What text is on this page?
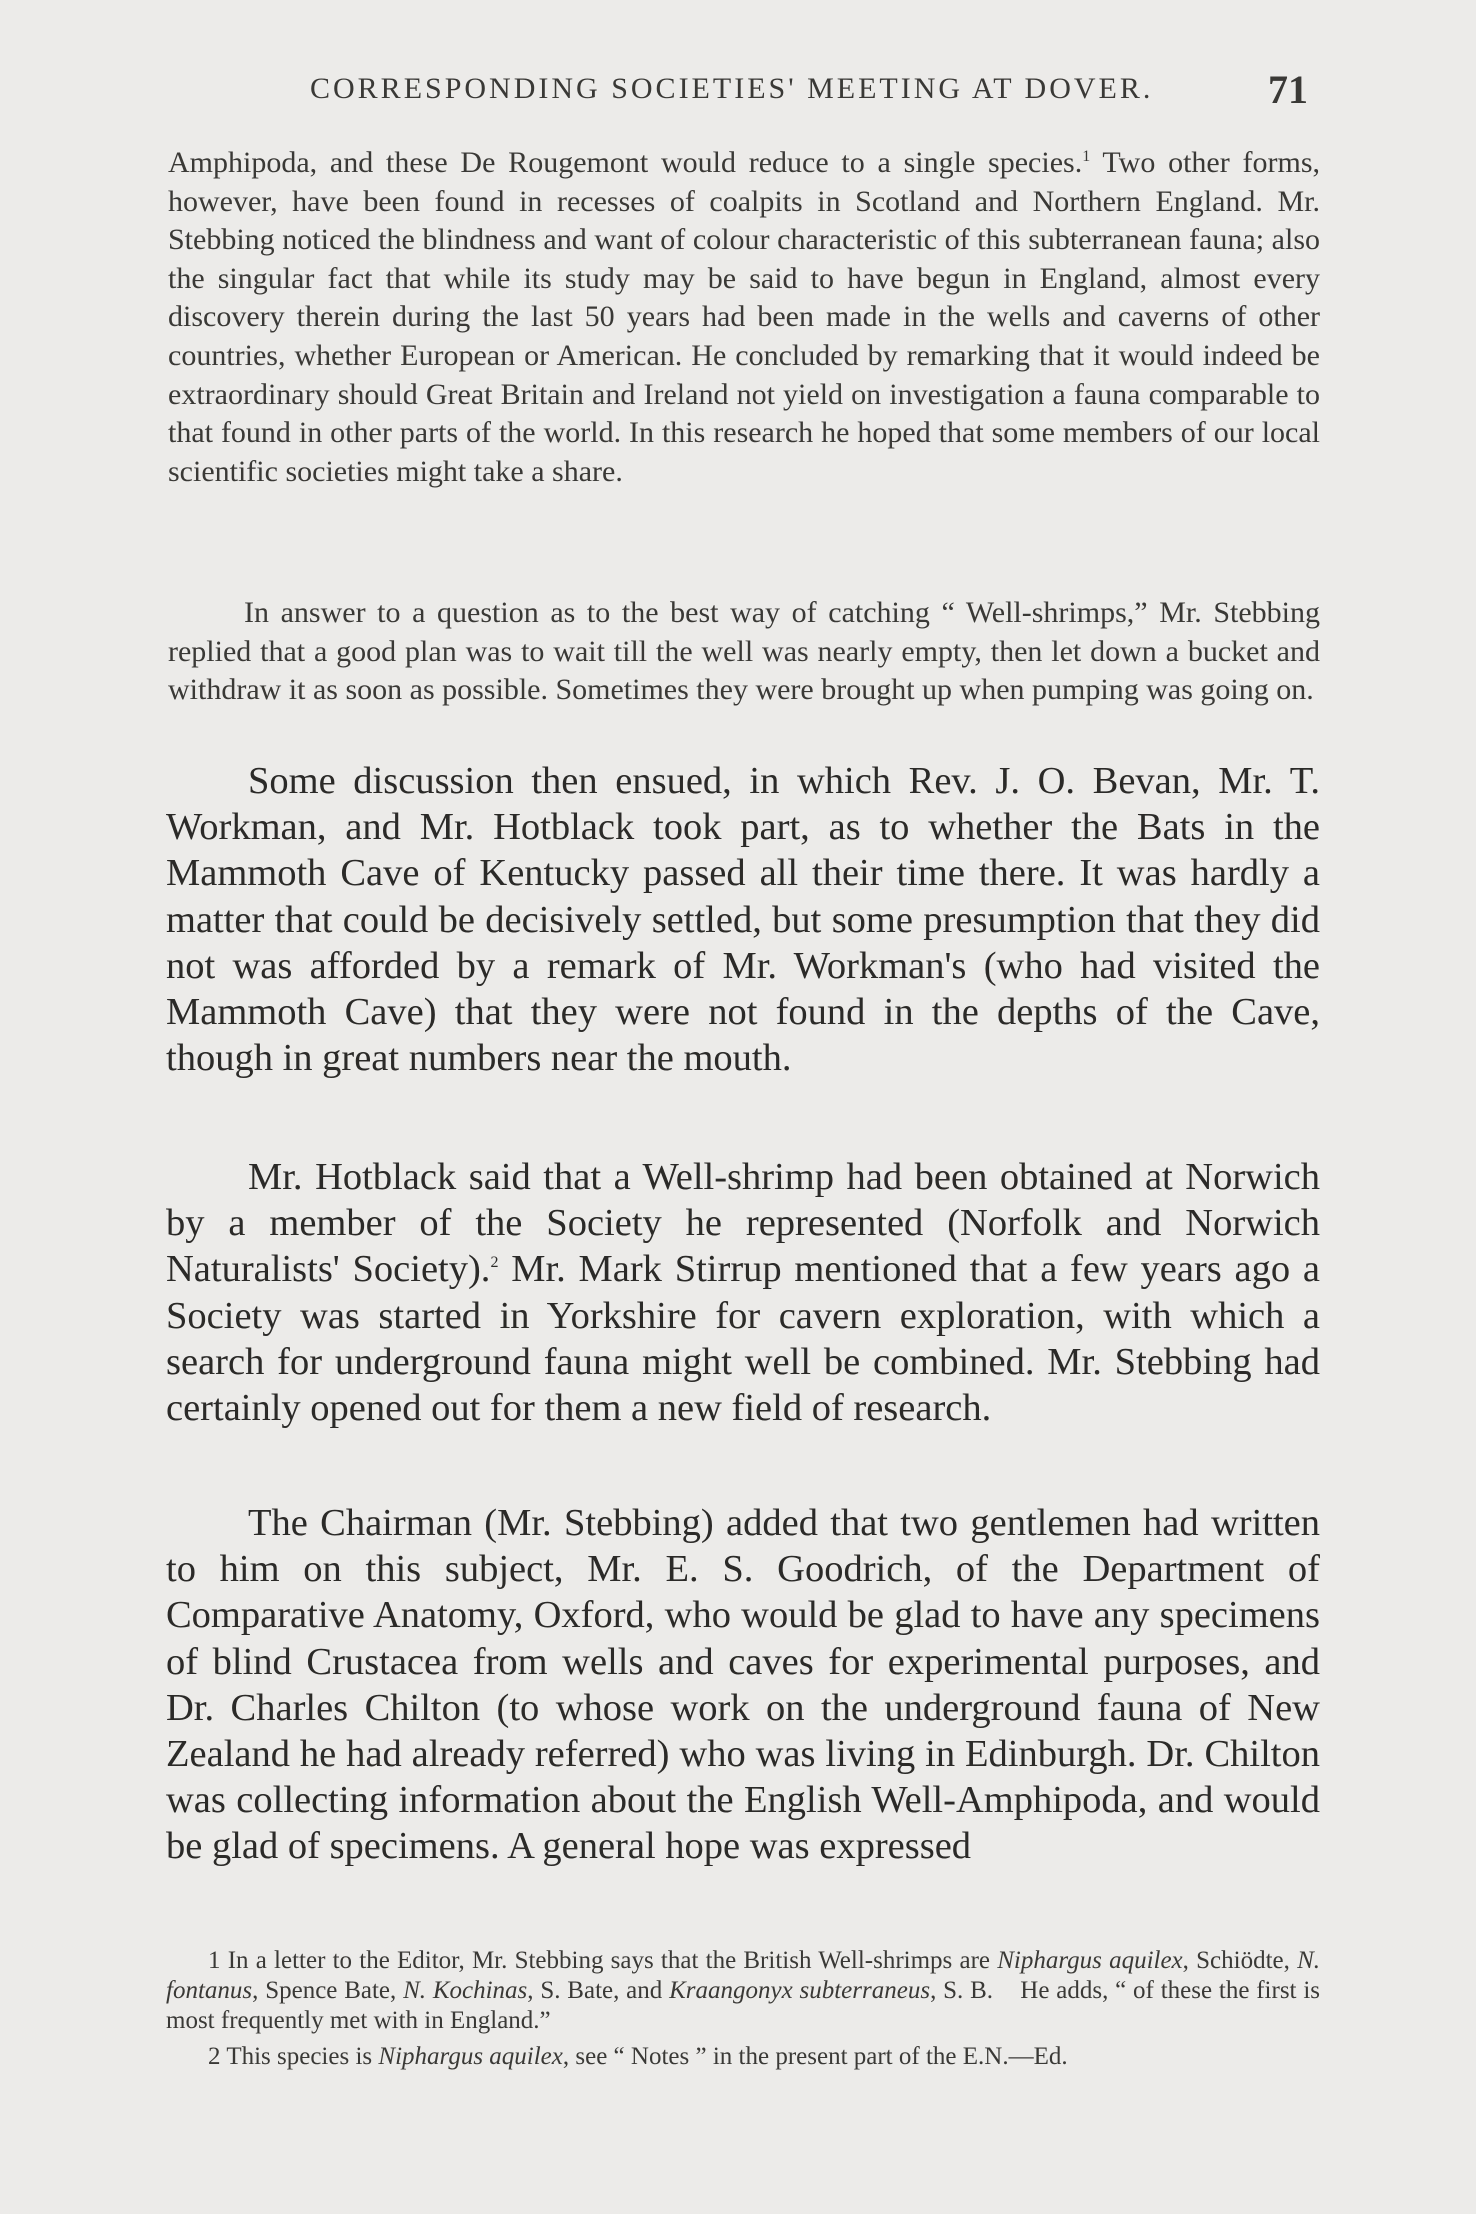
CORRESPONDING SOCIETIES' MEETING AT DOVER.	71

Amphipoda, and these De Rougemont would reduce to a single species.$^1$ Two other forms, however, have been found in recesses of coalpits in Scotland and Northern England. Mr. Stebbing noticed the blindness and want of colour characteristic of this subterranean fauna; also the singular fact that while its study may be said to have begun in England, almost every discovery therein during the last 50 years had been made in the wells and caverns of other countries, whether European or American. He concluded by remarking that it would indeed be extraordinary should Great Britain and Ireland not yield on investigation a fauna comparable to that found in other parts of the world. In this research he hoped that some members of our local scientific societies might take a share.

In answer to a question as to the best way of catching “ Well-shrimps,” Mr. Stebbing replied that a good plan was to wait till the well was nearly empty, then let down a bucket and withdraw it as soon as possible. Sometimes they were brought up when pumping was going on.

Some discussion then ensued, in which Rev. J. O. Bevan, Mr. T. Workman, and Mr. Hotblack took part, as to whether the Bats in the Mammoth Cave of Kentucky passed all their time there. It was hardly a matter that could be decisively settled, but some presumption that they did not was afforded by a remark of Mr. Workman's (who had visited the Mammoth Cave) that they were not found in the depths of the Cave, though in great numbers near the mouth.

Mr. Hotblack said that a Well-shrimp had been obtained at Norwich by a member of the Society he represented (Norfolk and Norwich Naturalists' Society).$^2$ Mr. Mark Stirrup mentioned that a few years ago a Society was started in Yorkshire for cavern exploration, with which a search for underground fauna might well be combined. Mr. Stebbing had certainly opened out for them a new field of research.

The Chairman (Mr. Stebbing) added that two gentlemen had written to him on this subject, Mr. E. S. Goodrich, of the Department of Comparative Anatomy, Oxford, who would be glad to have any specimens of blind Crustacea from wells and caves for experimental purposes, and Dr. Charles Chilton (to whose work on the underground fauna of New Zealand he had already referred) who was living in Edinburgh. Dr. Chilton was collecting information about the English Well-Amphipoda, and would be glad of specimens. A general hope was expressed

1 In a letter to the Editor, Mr. Stebbing says that the British Well-shrimps are Niphargus aquilex, Schiödte, N. fontanus, Spence Bate, N. Kochinas, S. Bate, and Kraangonyx subterraneus, S. B. He adds, “ of these the first is most frequently met with in England.”

2 This species is Niphargus aquilex, see “ Notes ” in the present part of the E.N.—Ed.
